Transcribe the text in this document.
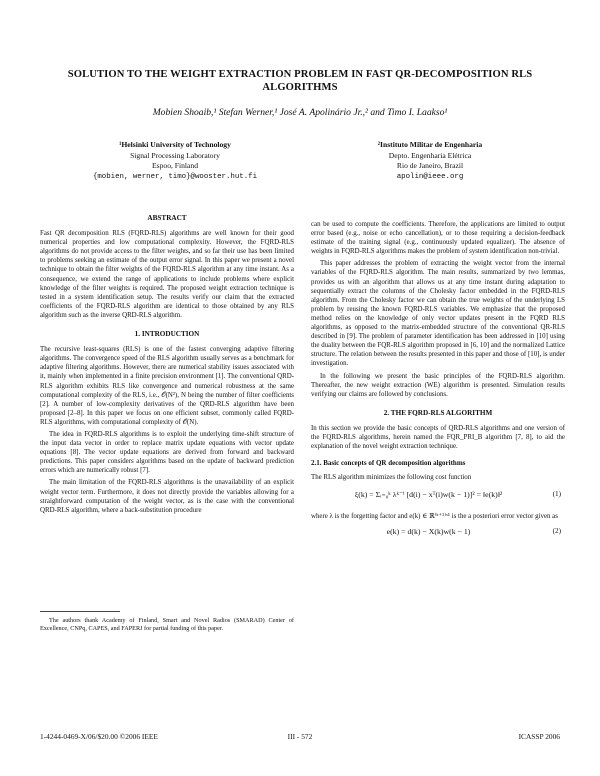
SOLUTION TO THE WEIGHT EXTRACTION PROBLEM IN FAST QR-DECOMPOSITION RLS ALGORITHMS
Mobien Shoaib,¹ Stefan Werner,¹ José A. Apolinário Jr.,² and Timo I. Laakso¹
¹Helsinki University of Technology
Signal Processing Laboratory
Espoo, Finland
{mobien, werner, timo}@wooster.hut.fi
²Instituto Militar de Engenharia
Depto. Engenharia Elétrica
Rio de Janeiro, Brazil
apolin@ieee.org
ABSTRACT

Fast QR decomposition RLS (FQRD-RLS) algorithms are well known for their good numerical properties and low computational complexity. However, the FQRD-RLS algorithms do not provide access to the filter weights, and so far their use has been limited to problems seeking an estimate of the output error signal. In this paper we present a novel technique to obtain the filter weights of the FQRD-RLS algorithm at any time instant. As a consequence, we extend the range of applications to include problems where explicit knowledge of the filter weights is required. The proposed weight extraction technique is tested in a system identification setup. The results verify our claim that the extracted coefficients of the FQRD-RLS algorithm are identical to those obtained by any RLS algorithm such as the inverse QRD-RLS algorithm.

1. INTRODUCTION

The recursive least-squares (RLS) is one of the fastest converging adaptive filtering algorithms. The convergence speed of the RLS algorithm usually serves as a benchmark for adaptive filtering algorithms. However, there are numerical stability issues associated with it, mainly when implemented in a finite precision environment [1]. The conventional QRD-RLS algorithm exhibits RLS like convergence and numerical robustness at the same computational complexity of the RLS, i.e., 𝒪(N²), N being the number of filter coefficients [2]. A number of low-complexity derivatives of the QRD-RLS algorithm have been proposed [2–8]. In this paper we focus on one efficient subset, commonly called FQRD-RLS algorithms, with computational complexity of 𝒪(N).

The idea in FQRD-RLS algorithms is to exploit the underlying time-shift structure of the input data vector in order to replace matrix update equations with vector update equations [8]. The vector update equations are derived from forward and backward predictions. This paper considers algorithms based on the update of backward prediction errors which are numerically robust [7].

The main limitation of the FQRD-RLS algorithms is the unavailability of an explicit weight vector term. Furthermore, it does not directly provide the variables allowing for a straightforward computation of the weight vector, as is the case with the conventional QRD-RLS algorithm, where a back-substitution procedure

The authors thank Academy of Finland, Smart and Novel Radios (SMARAD) Center of Excellence, CNPq, CAPES, and FAPERJ for partial funding of this paper.

can be used to compute the coefficients. Therefore, the applications are limited to output error based (e.g., noise or echo cancellation), or to those requiring a decision-feedback estimate of the training signal (e.g., continuously updated equalizer). The absence of weights in FQRD-RLS algorithms makes the problem of system identification non-trivial.

This paper addresses the problem of extracting the weight vector from the internal variables of the FQRD-RLS algorithm. The main results, summarized by two lemmas, provides us with an algorithm that allows us at any time instant during adaptation to sequentially extract the columns of the Cholesky factor embedded in the FQRD-RLS algorithm. From the Cholesky factor we can obtain the true weights of the underlying LS problem by reusing the known FQRD-RLS variables. We emphasize that the proposed method relies on the knowledge of only vector updates present in the FQRD RLS algorithms, as opposed to the matrix-embedded structure of the conventional QR-RLS described in [9]. The problem of parameter identification has been addressed in [10] using the duality between the FQR-RLS algorithm proposed in [6, 10] and the normalized Lattice structure. The relation between the results presented in this paper and those of [10], is under investigation.

In the following we present the basic principles of the FQRD-RLS algorithm. Thereafter, the new weight extraction (WE) algorithm is presented. Simulation results verifying our claims are followed by conclusions.

2. THE FQRD-RLS ALGORITHM

In this section we provide the basic concepts of QRD-RLS algorithms and one version of the FQRD-RLS algorithms, herein named the FQR_PRI_B algorithm [7, 8], to aid the explanation of the novel weight extraction technique.

2.1. Basic concepts of QR decomposition algorithms

The RLS algorithm minimizes the following cost function

ξ(k) = Σᵢ₌₀ᵏ λᵏ⁻ⁱ [d(i) − xᵀ(i)w(k − 1)]² = ‖e(k)‖²	(1)

where λ is the forgetting factor and e(k) ∈ ℝ⁽ᵏ⁺¹⁾ˣ¹ is the a posteriori error vector given as

e(k) = d(k) − X(k)w(k − 1)	(2)
1-4244-0469-X/06/$20.00 ©2006 IEEE	III - 572	ICASSP 2006
